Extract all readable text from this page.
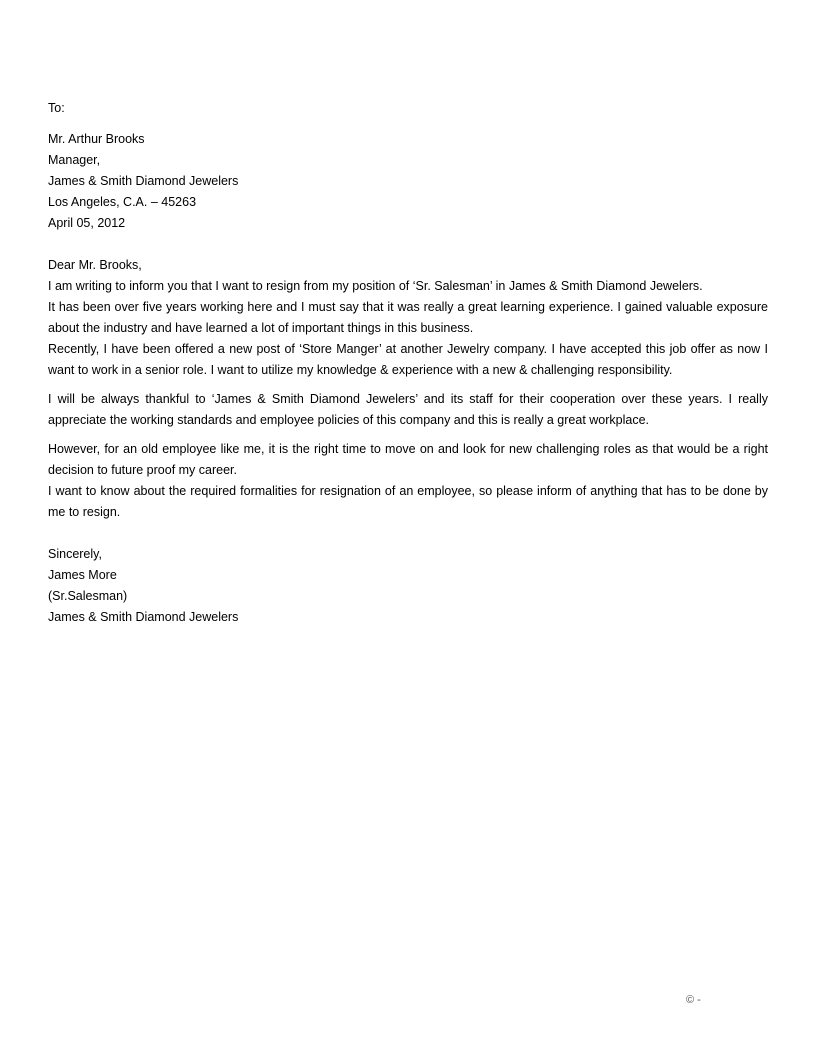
To:
Mr. Arthur Brooks
Manager,
James & Smith Diamond Jewelers
Los Angeles, C.A. – 45263
April 05, 2012
Dear Mr. Brooks,
I am writing to inform you that I want to resign from my position of ‘Sr. Salesman’ in James & Smith Diamond Jewelers.
It has been over five years working here and I must say that it was really a great learning experience. I gained valuable exposure about the industry and have learned a lot of important things in this business.
Recently, I have been offered a new post of ‘Store Manger’ at another Jewelry company. I have accepted this job offer as now I want to work in a senior role. I want to utilize my knowledge & experience with a new & challenging responsibility.
I will be always thankful to ‘James & Smith Diamond Jewelers’ and its staff for their cooperation over these years. I really appreciate the working standards and employee policies of this company and this is really a great workplace.
However, for an old employee like me, it is the right time to move on and look for new challenging roles as that would be a right decision to future proof my career.
I want to know about the required formalities for resignation of an employee, so please inform of anything that has to be done by me to resign.
Sincerely,
James More
(Sr.Salesman)
James & Smith Diamond Jewelers
© -
